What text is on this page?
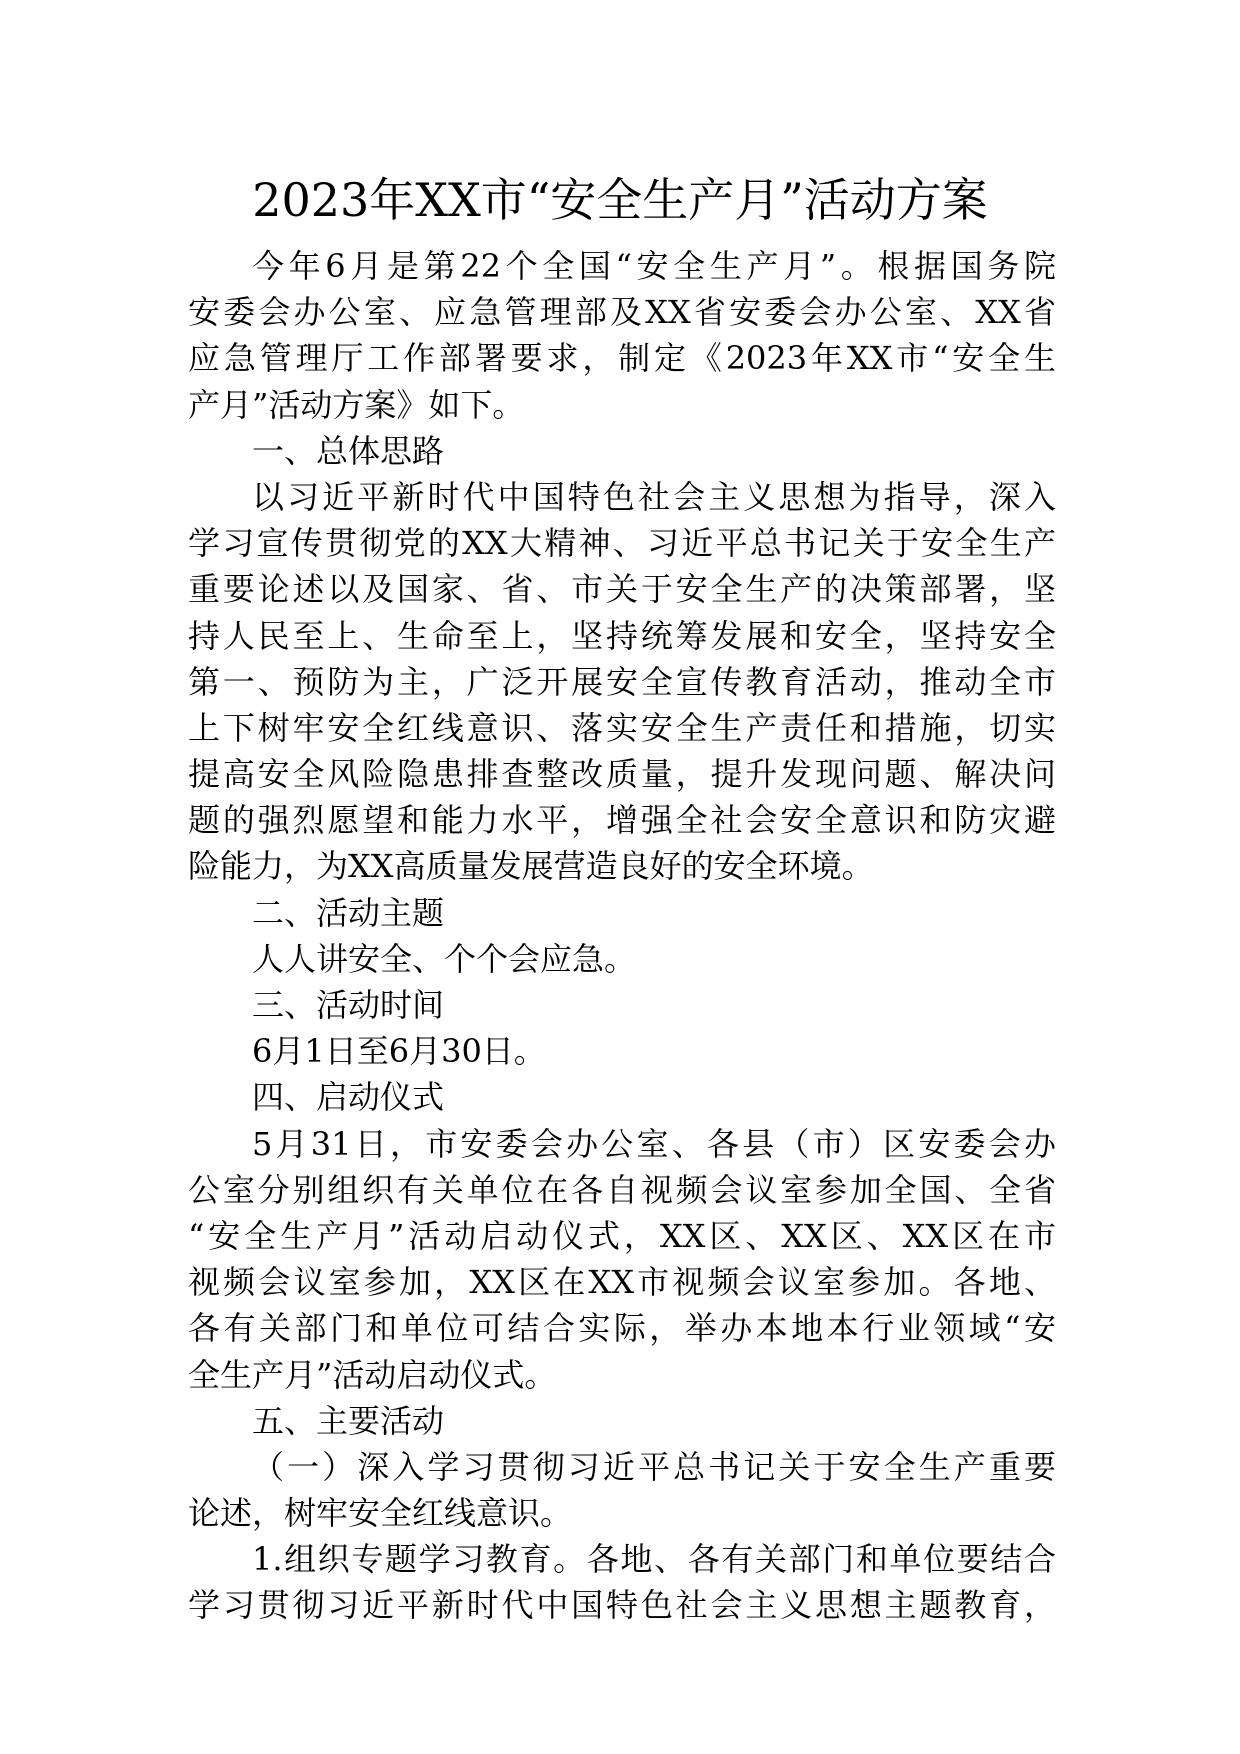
2023年XX市“安全生产月”活动方案
今年6月是第22个全国“安全生产月”。根据国务院
安委会办公室、应急管理部及XX省安委会办公室、XX省
应急管理厅工作部署要求，制定《2023年XX市“安全生
产月”活动方案》如下。
一、总体思路
以习近平新时代中国特色社会主义思想为指导，深入
学习宣传贯彻党的XX大精神、习近平总书记关于安全生产
重要论述以及国家、省、市关于安全生产的决策部署，坚
持人民至上、生命至上，坚持统筹发展和安全，坚持安全
第一、预防为主，广泛开展安全宣传教育活动，推动全市
上下树牢安全红线意识、落实安全生产责任和措施，切实
提高安全风险隐患排查整改质量，提升发现问题、解决问
题的强烈愿望和能力水平，增强全社会安全意识和防灾避
险能力，为XX高质量发展营造良好的安全环境。
二、活动主题
人人讲安全、个个会应急。
三、活动时间
6月1日至6月30日。
四、启动仪式
5月31日，市安委会办公室、各县（市）区安委会办
公室分别组织有关单位在各自视频会议室参加全国、全省
“安全生产月”活动启动仪式，XX区、XX区、XX区在市
视频会议室参加，XX区在XX市视频会议室参加。各地、
各有关部门和单位可结合实际，举办本地本行业领域“安
全生产月”活动启动仪式。
五、主要活动
（一）深入学习贯彻习近平总书记关于安全生产重要
论述，树牢安全红线意识。
1.组织专题学习教育。各地、各有关部门和单位要结合
学习贯彻习近平新时代中国特色社会主义思想主题教育，
